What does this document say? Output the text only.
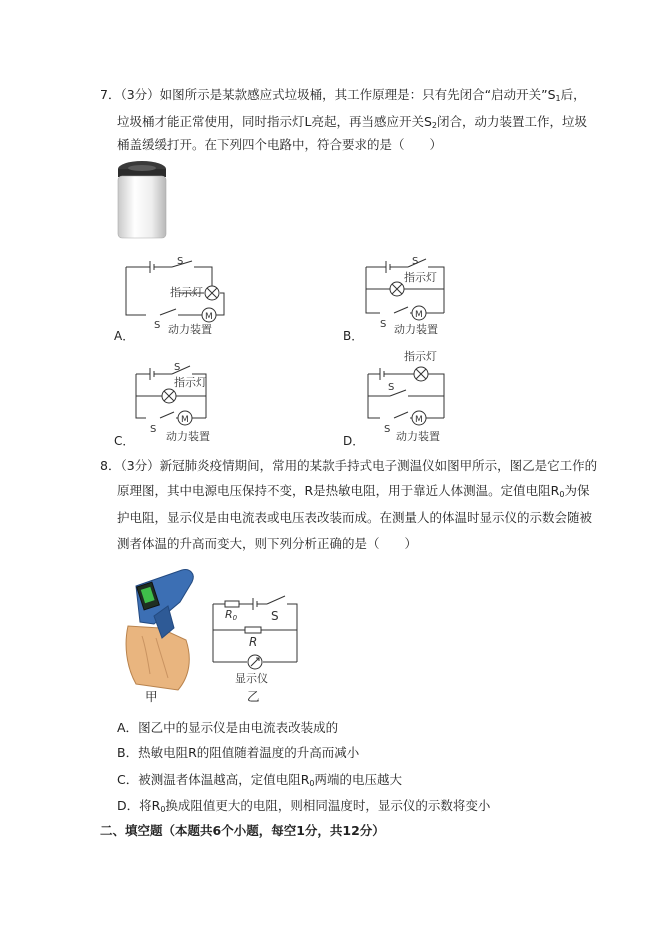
7．（3分）如图所示是某款感应式垃圾桶，其工作原理是：只有先闭合“启动开关$”S_1$后，
垃圾桶才能正常使用，同时指示灯L亮起，再当感应开关$S_2$闭合，动力装置工作，垃圾
桶盖缓缓打开。在下列四个电路中，符合要求的是（　　）
S
指示灯
S
M
动力装置
A．
S
指示灯
S
M
动力装置
B．
S
指示灯
S
M
动力装置
C．
指示灯
S
S
M
动力装置
D．
8．（3分）新冠肺炎疫情期间，常用的某款手持式电子测温仪如图甲所示，图乙是它工作的
原理图，其中电源电压保持不变，R是热敏电阻，用于靠近人体测温。定值电阻$R_0$为保
护电阻，显示仪是由电流表或电压表改装而成。在测量人的体温时显示仪的示数会随被
测者体温的升高而变大，则下列分析正确的是（　　）
甲
R0	S
R
显示仪
乙
A．图乙中的显示仪是由电流表改装成的
B．热敏电阻R的阻值随着温度的升高而减小
C．被测温者体温越高，定值电阻$R_0$两端的电压越大
D．将$R_0$换成阻值更大的电阻，则相同温度时，显示仪的示数将变小
二、填空题（本题共6个小题，每空1分，共12分）
